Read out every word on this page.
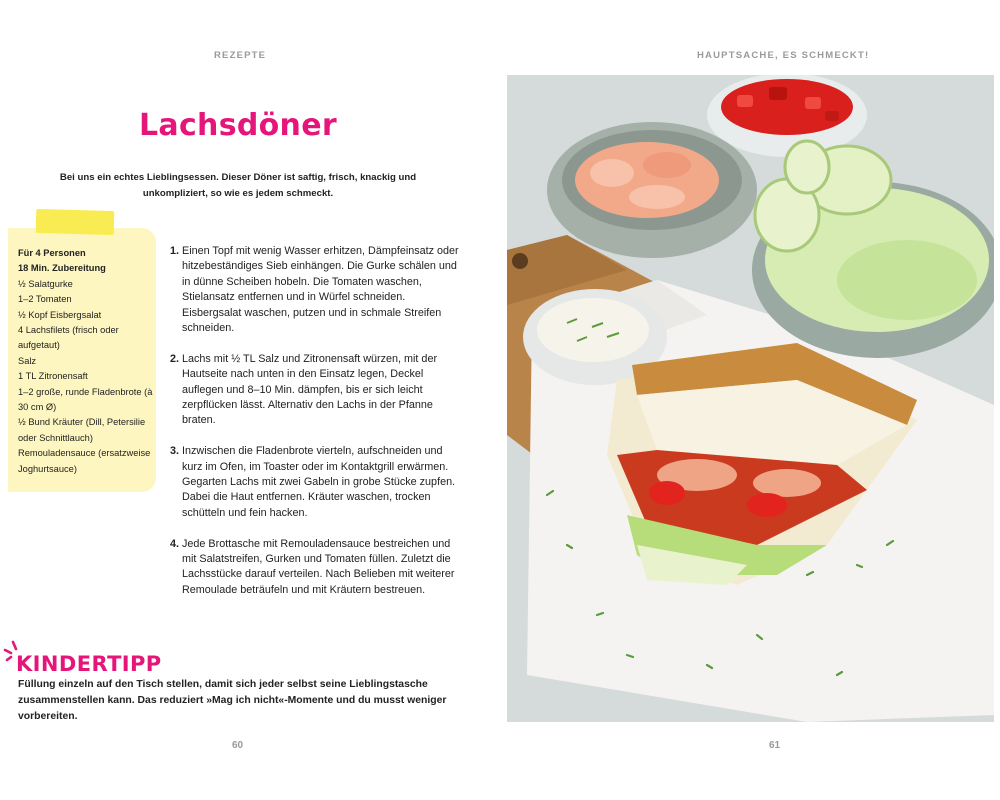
REZEPTE	HAUPTSACHE, ES SCHMECKT!
Lachsdöner

Bei uns ein echtes Lieblingsessen. Dieser Döner ist saftig, frisch, knackig und unkompliziert, so wie es jedem schmeckt.

Für 4 Personen
18 Min. Zubereitung
½ Salatgurke
1–2 Tomaten
½ Kopf Eisbergsalat
4 Lachsfilets (frisch oder aufgetaut)
Salz
1 TL Zitronensaft
1–2 große, runde Fladenbrote (à 30 cm Ø)
½ Bund Kräuter (Dill, Petersilie oder Schnittlauch)
Remouladensauce (ersatzweise Joghurtsauce)
1. Einen Topf mit wenig Wasser erhitzen, Dämpfeinsatz oder hitzebeständiges Sieb einhängen. Die Gurke schälen und in dünne Scheiben hobeln. Die Tomaten waschen, Stielansatz entfernen und in Würfel schneiden. Eisbergsalat waschen, putzen und in schmale Streifen schneiden.
2. Lachs mit ½ TL Salz und Zitronensaft würzen, mit der Hautseite nach unten in den Einsatz legen, Deckel auflegen und 8–10 Min. dämpfen, bis er sich leicht zerpflücken lässt. Alternativ den Lachs in der Pfanne braten.
3. Inzwischen die Fladenbrote vierteln, aufschneiden und kurz im Ofen, im Toaster oder im Kontaktgrill erwärmen. Gegarten Lachs mit zwei Gabeln in grobe Stücke zupfen. Dabei die Haut entfernen. Kräuter waschen, trocken schütteln und fein hacken.
4. Jede Brottasche mit Remouladensauce bestreichen und mit Salatstreifen, Gurken und Tomaten füllen. Zuletzt die Lachsstücke darauf verteilen. Nach Belieben mit weiterer Remoulade beträufeln und mit Kräutern bestreuen.
KINDERTIPP

Füllung einzeln auf den Tisch stellen, damit sich jeder selbst seine Lieblingstasche zusammenstellen kann. Das reduziert »Mag ich nicht«-Momente und du musst weniger vorbereiten.

60	61
